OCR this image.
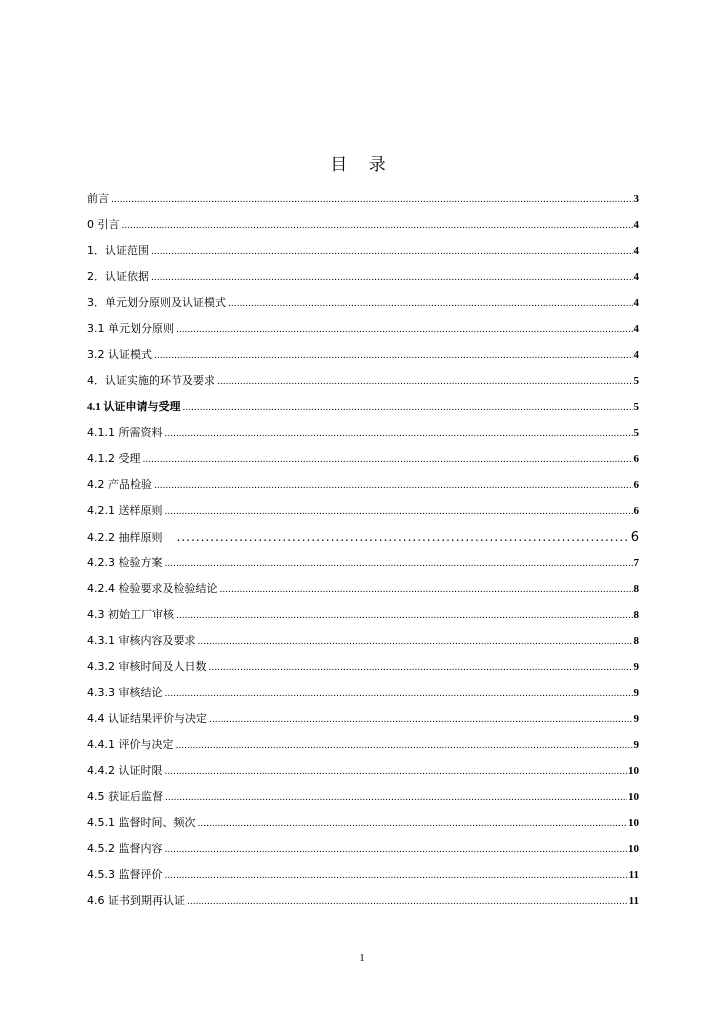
目 录
前言 .....	3
0 引言 .....	4
1．认证范围 .....	4
2．认证依据 .....	4
3．单元划分原则及认证模式 .....	4
3.1 单元划分原则 .....	4
3.2 认证模式 .....	4
4．认证实施的环节及要求 .....	5
4.1 认证申请与受理 .....	5
4.1.1 所需资料 .....	5
4.1.2 受理 .....	6
4.2 产品检验 .....	6
4.2.1 送样原则 .....	6
4.2.2 抽样原则 .....	6
4.2.3 检验方案 .....	7
4.2.4 检验要求及检验结论 .....	8
4.3 初始工厂审核 .....	8
4.3.1 审核内容及要求 .....	8
4.3.2 审核时间及人日数 .....	9
4.3.3 审核结论 .....	9
4.4 认证结果评价与决定 .....	9
4.4.1 评价与决定 .....	9
4.4.2 认证时限 .....	10
4.5 获证后监督 .....	10
4.5.1 监督时间、频次 .....	10
4.5.2 监督内容 .....	10
4.5.3 监督评价 .....	11
4.6 证书到期再认证 .....	11
1
